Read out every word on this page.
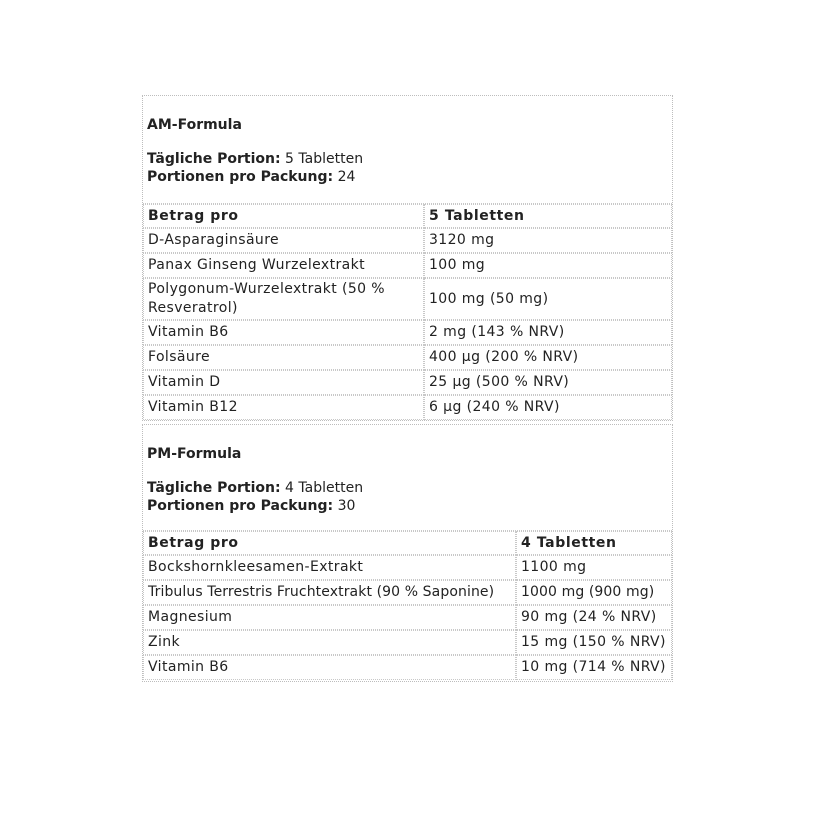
AM-Formula
Tägliche Portion: 5 Tabletten
Portionen pro Packung: 24
Betrag pro	5 Tabletten
D-Asparaginsäure	3120 mg
Panax Ginseng Wurzelextrakt	100 mg
Polygonum-Wurzelextrakt (50 % Resveratrol)	100 mg (50 mg)
Vitamin B6	2 mg (143 % NRV)
Folsäure	400 µg (200 % NRV)
Vitamin D	25 µg (500 % NRV)
Vitamin B12	6 µg (240 % NRV)
PM-Formula
Tägliche Portion: 4 Tabletten
Portionen pro Packung: 30
Betrag pro	4 Tabletten
Bockshornkleesamen-Extrakt	1100 mg
Tribulus Terrestris Fruchtextrakt (90 % Saponine)	1000 mg (900 mg)
Magnesium	90 mg (24 % NRV)
Zink	15 mg (150 % NRV)
Vitamin B6	10 mg (714 % NRV)
